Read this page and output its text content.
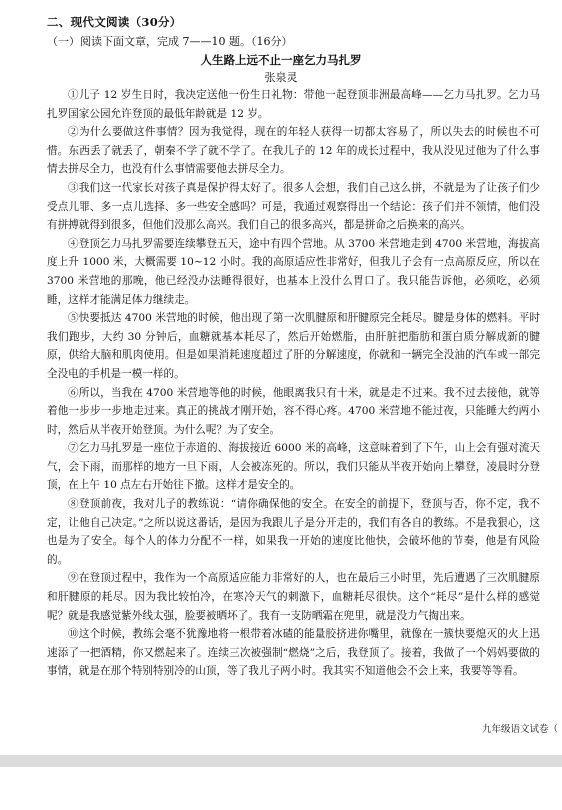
二、现代文阅读（30分）
（一）阅读下面文章，完成 7——10 题。（16分）
人生路上远不止一座乞力马扎罗
张泉灵

①儿子 12 岁生日时，我决定送他一份生日礼物：带他一起登顶非洲最高峰——乞力马扎罗。乞力马扎罗国家公园允许登顶的最低年龄就是 12 岁。

②为什么要做这件事情？因为我觉得，现在的年轻人获得一切都太容易了，所以失去的时候也不可惜。东西丢了就丢了，朝秦不学了就不学了。在我儿子的 12 年的成长过程中，我从没见过他为了什么事情去拼尽全力，也没有什么事情需要他去拼尽全力。

③我们这一代家长对孩子真是保护得太好了。很多人会想，我们自己这么拼，不就是为了让孩子们少受点儿罪、多一点儿选择、多一些安全感吗？可是，我通过观察得出一个结论：孩子们并不领情，他们没有拼搏就得到很多，但他们没那么高兴。我们自己的很多高兴，都是拼命之后换来的高兴。

④登顶乞力马扎罗需要连续攀登五天，途中有四个营地。从 3700 米营地走到 4700 米营地，海拔高度上升 1000 米，大概需要 10~12 小时。我的高原适应性非常好，但我儿子会有一点高原反应，所以在 3700 米营地的那晚，他已经没办法睡得很好，也基本上没什么胃口了。我只能告诉他，必须吃，必须睡，这样才能满足体力继续走。

⑤快要抵达 4700 米营地的时候，他出现了第一次肌腱原和肝腱原完全耗尽。腱是身体的燃料。平时我们跑步，大约 30 分钟后，血糖就基本耗尽了，然后开始燃脂，由肝脏把脂肪和蛋白质分解成新的腱原，供给大脑和肌肉使用。但是如果消耗速度超过了肝的分解速度，你就和一辆完全没油的汽车或一部完全没电的手机是一模一样的。

⑥所以，当我在 4700 米营地等他的时候，他眼离我只有十米，就是走不过来。我不过去接他，就等着他一步步一步地走过来。真正的挑战才刚开始，容不得心疼。4700 米营地不能过夜，只能睡大约两小时，然后从半夜开始登顶。为什么呢？为了安全。

⑦乞力马扎罗是一座位于赤道的、海拔接近 6000 米的高峰，这意味着到了下午，山上会有强对流天气，会下雨，而那样的地方一旦下雨，人会被冻死的。所以，我们只能从半夜开始向上攀登，凌晨时分登顶，在上午 10 点左右开始往下撤。这样才是安全的。

⑧登顶前夜，我对儿子的教练说：“请你确保他的安全。在安全的前提下，登顶与否，你不定，我不定，让他自己决定。”之所以说这番话，是因为我跟儿子是分开走的，我们有各自的教练。不是我狠心，这也是为了安全。每个人的体力分配不一样，如果我一开始的速度比他快，会破坏他的节奏，他是有风险的。

⑨在登顶过程中，我作为一个高原适应能力非常好的人，也在最后三小时里，先后遭遇了三次肌腱原和肝腱原的耗尽。因为我比较怕冷，在寒冷天气的刺激下，血糖耗尽很快。这个“耗尽”是什么样的感觉呢？就是我感觉紫外线太强，脸要被晒坏了。我有一支防晒霜在兜里，就是没力气掏出来。

⑩这个时候，教练会毫不犹豫地将一根带着冰碴的能量胶挤进你嘴里，就像在一簇快要熄灭的火上迅速添了一把酒精，你又燃起来了。连续三次被强制“燃烧”之后，我登顶了。接着，我做了一个妈妈要做的事情，就是在那个特别特别冷的山顶，等了我儿子两小时。我其实不知道他会不会上来，我要等等看。

九年级语文试卷（
